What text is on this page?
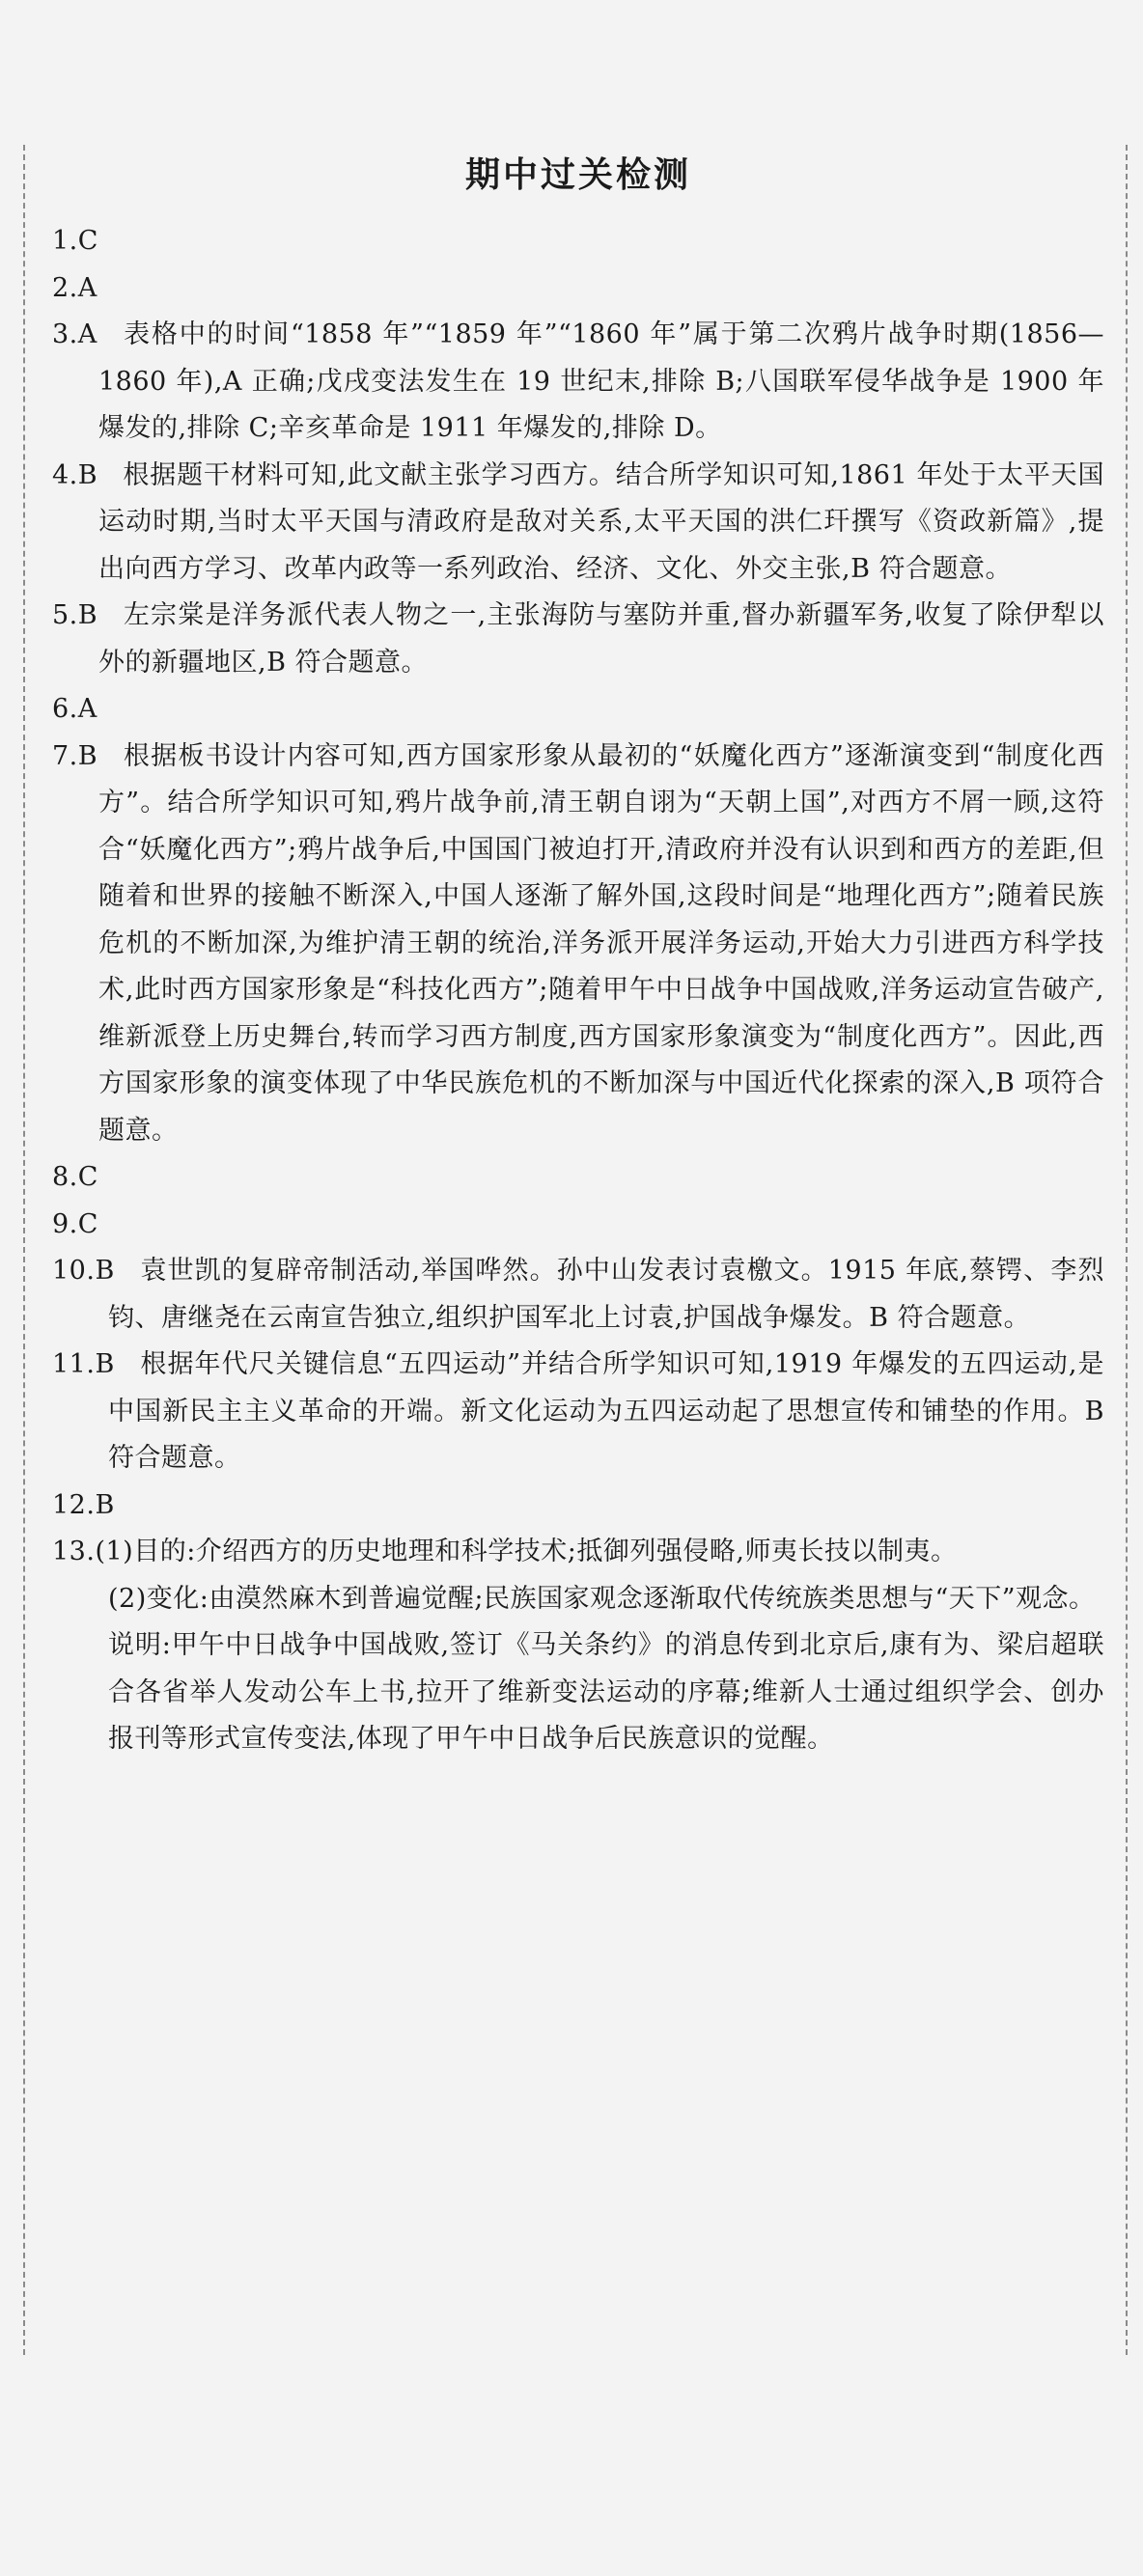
期中过关检测

1.C

2.A

3.A 表格中的时间“1858 年”“1859 年”“1860 年”属于第二次鸦片战争时期(1856—1860 年),A 正确;戊戌变法发生在 19 世纪末,排除 B;八国联军侵华战争是 1900 年爆发的,排除 C;辛亥革命是 1911 年爆发的,排除 D。

4.B 根据题干材料可知,此文献主张学习西方。结合所学知识可知,1861 年处于太平天国运动时期,当时太平天国与清政府是敌对关系,太平天国的洪仁玕撰写《资政新篇》,提出向西方学习、改革内政等一系列政治、经济、文化、外交主张,B 符合题意。

5.B 左宗棠是洋务派代表人物之一,主张海防与塞防并重,督办新疆军务,收复了除伊犁以外的新疆地区,B 符合题意。

6.A

7.B 根据板书设计内容可知,西方国家形象从最初的“妖魔化西方”逐渐演变到“制度化西方”。结合所学知识可知,鸦片战争前,清王朝自诩为“天朝上国”,对西方不屑一顾,这符合“妖魔化西方”;鸦片战争后,中国国门被迫打开,清政府并没有认识到和西方的差距,但随着和世界的接触不断深入,中国人逐渐了解外国,这段时间是“地理化西方”;随着民族危机的不断加深,为维护清王朝的统治,洋务派开展洋务运动,开始大力引进西方科学技术,此时西方国家形象是“科技化西方”;随着甲午中日战争中国战败,洋务运动宣告破产,维新派登上历史舞台,转而学习西方制度,西方国家形象演变为“制度化西方”。因此,西方国家形象的演变体现了中华民族危机的不断加深与中国近代化探索的深入,B 项符合题意。

8.C

9.C

10.B 袁世凯的复辟帝制活动,举国哗然。孙中山发表讨袁檄文。1915 年底,蔡锷、李烈钧、唐继尧在云南宣告独立,组织护国军北上讨袁,护国战争爆发。B 符合题意。

11.B 根据年代尺关键信息“五四运动”并结合所学知识可知,1919 年爆发的五四运动,是中国新民主主义革命的开端。新文化运动为五四运动起了思想宣传和铺垫的作用。B 符合题意。

12.B

13.(1)目的:介绍西方的历史地理和科学技术;抵御列强侵略,师夷长技以制夷。

(2)变化:由漠然麻木到普遍觉醒;民族国家观念逐渐取代传统族类思想与“天下”观念。

说明:甲午中日战争中国战败,签订《马关条约》的消息传到北京后,康有为、梁启超联合各省举人发动公车上书,拉开了维新变法运动的序幕;维新人士通过组织学会、创办报刊等形式宣传变法,体现了甲午中日战争后民族意识的觉醒。
